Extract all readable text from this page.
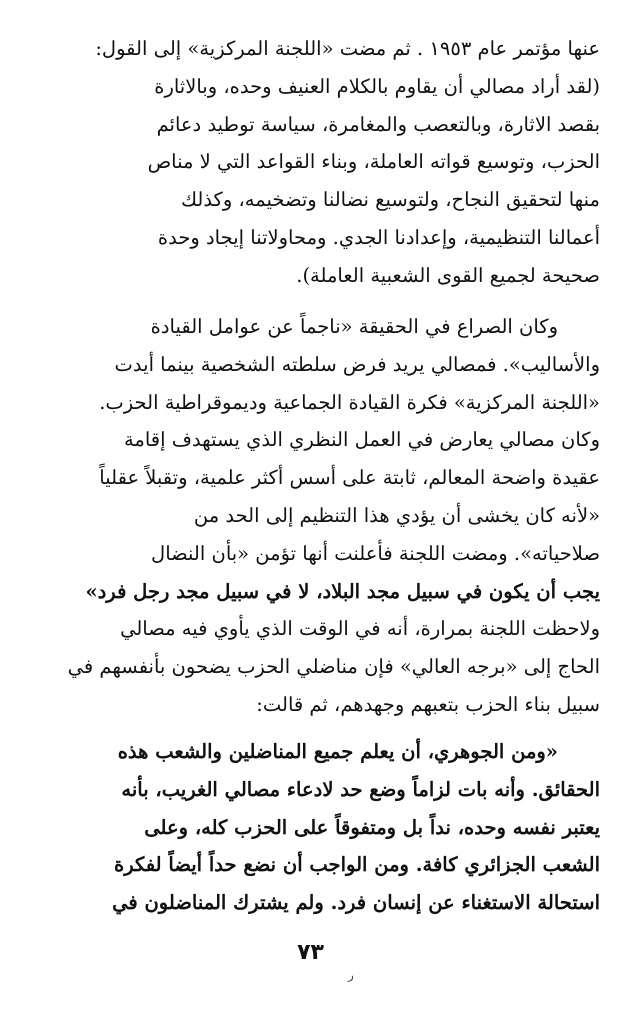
عنها مؤتمر عام ١٩٥٣ . ثم مضت «اللجنة المركزية» إلى القول:
(لقد أراد مصالي أن يقاوم بالكلام العنيف وحده، وبالاثارة
بقصد الاثارة، وبالتعصب والمغامرة، سياسة توطيد دعائم
الحزب، وتوسيع قواته العاملة، وبناء القواعد التي لا مناص
منها لتحقيق النجاح، ولتوسيع نضالنا وتضخيمه، وكذلك
أعمالنا التنظيمية، وإعدادنا الجدي. ومحاولاتنا إيجاد وحدة
صحيحة لجميع القوى الشعبية العاملة).
وكان الصراع في الحقيقة «ناجماً عن عوامل القيادة
والأساليب». فمصالي يريد فرض سلطته الشخصية بينما أيدت
«اللجنة المركزية» فكرة القيادة الجماعية وديموقراطية الحزب.
وكان مصالي يعارض في العمل النظري الذي يستهدف إقامة
عقيدة واضحة المعالم، ثابتة على أسس أكثر علمية، وتقبلاً عقلياً
«لأنه كان يخشى أن يؤدي هذا التنظيم إلى الحد من
صلاحياته». ومضت اللجنة فأعلنت أنها تؤمن «بأن النضال
يجب أن يكون في سبيل مجد البلاد، لا في سبيل مجد رجل فرد»
ولاحظت اللجنة بمرارة، أنه في الوقت الذي يأوي فيه مصالي
الحاج إلى «برجه العالي» فإن مناضلي الحزب يضحون بأنفسهم في
سبيل بناء الحزب بتعبهم وجهدهم، ثم قالت:
«ومن الجوهري، أن يعلم جميع المناضلين والشعب هذه
الحقائق. وأنه بات لزاماً وضع حد لادعاء مصالي الغريب، بأنه
يعتبر نفسه وحده، نداً بل ومتفوقاً على الحزب كله، وعلى
الشعب الجزائري كافة. ومن الواجب أن نضع حداً أيضاً لفكرة
استحالة الاستغناء عن إنسان فرد. ولم يشترك المناضلون في
٧٣
ر
